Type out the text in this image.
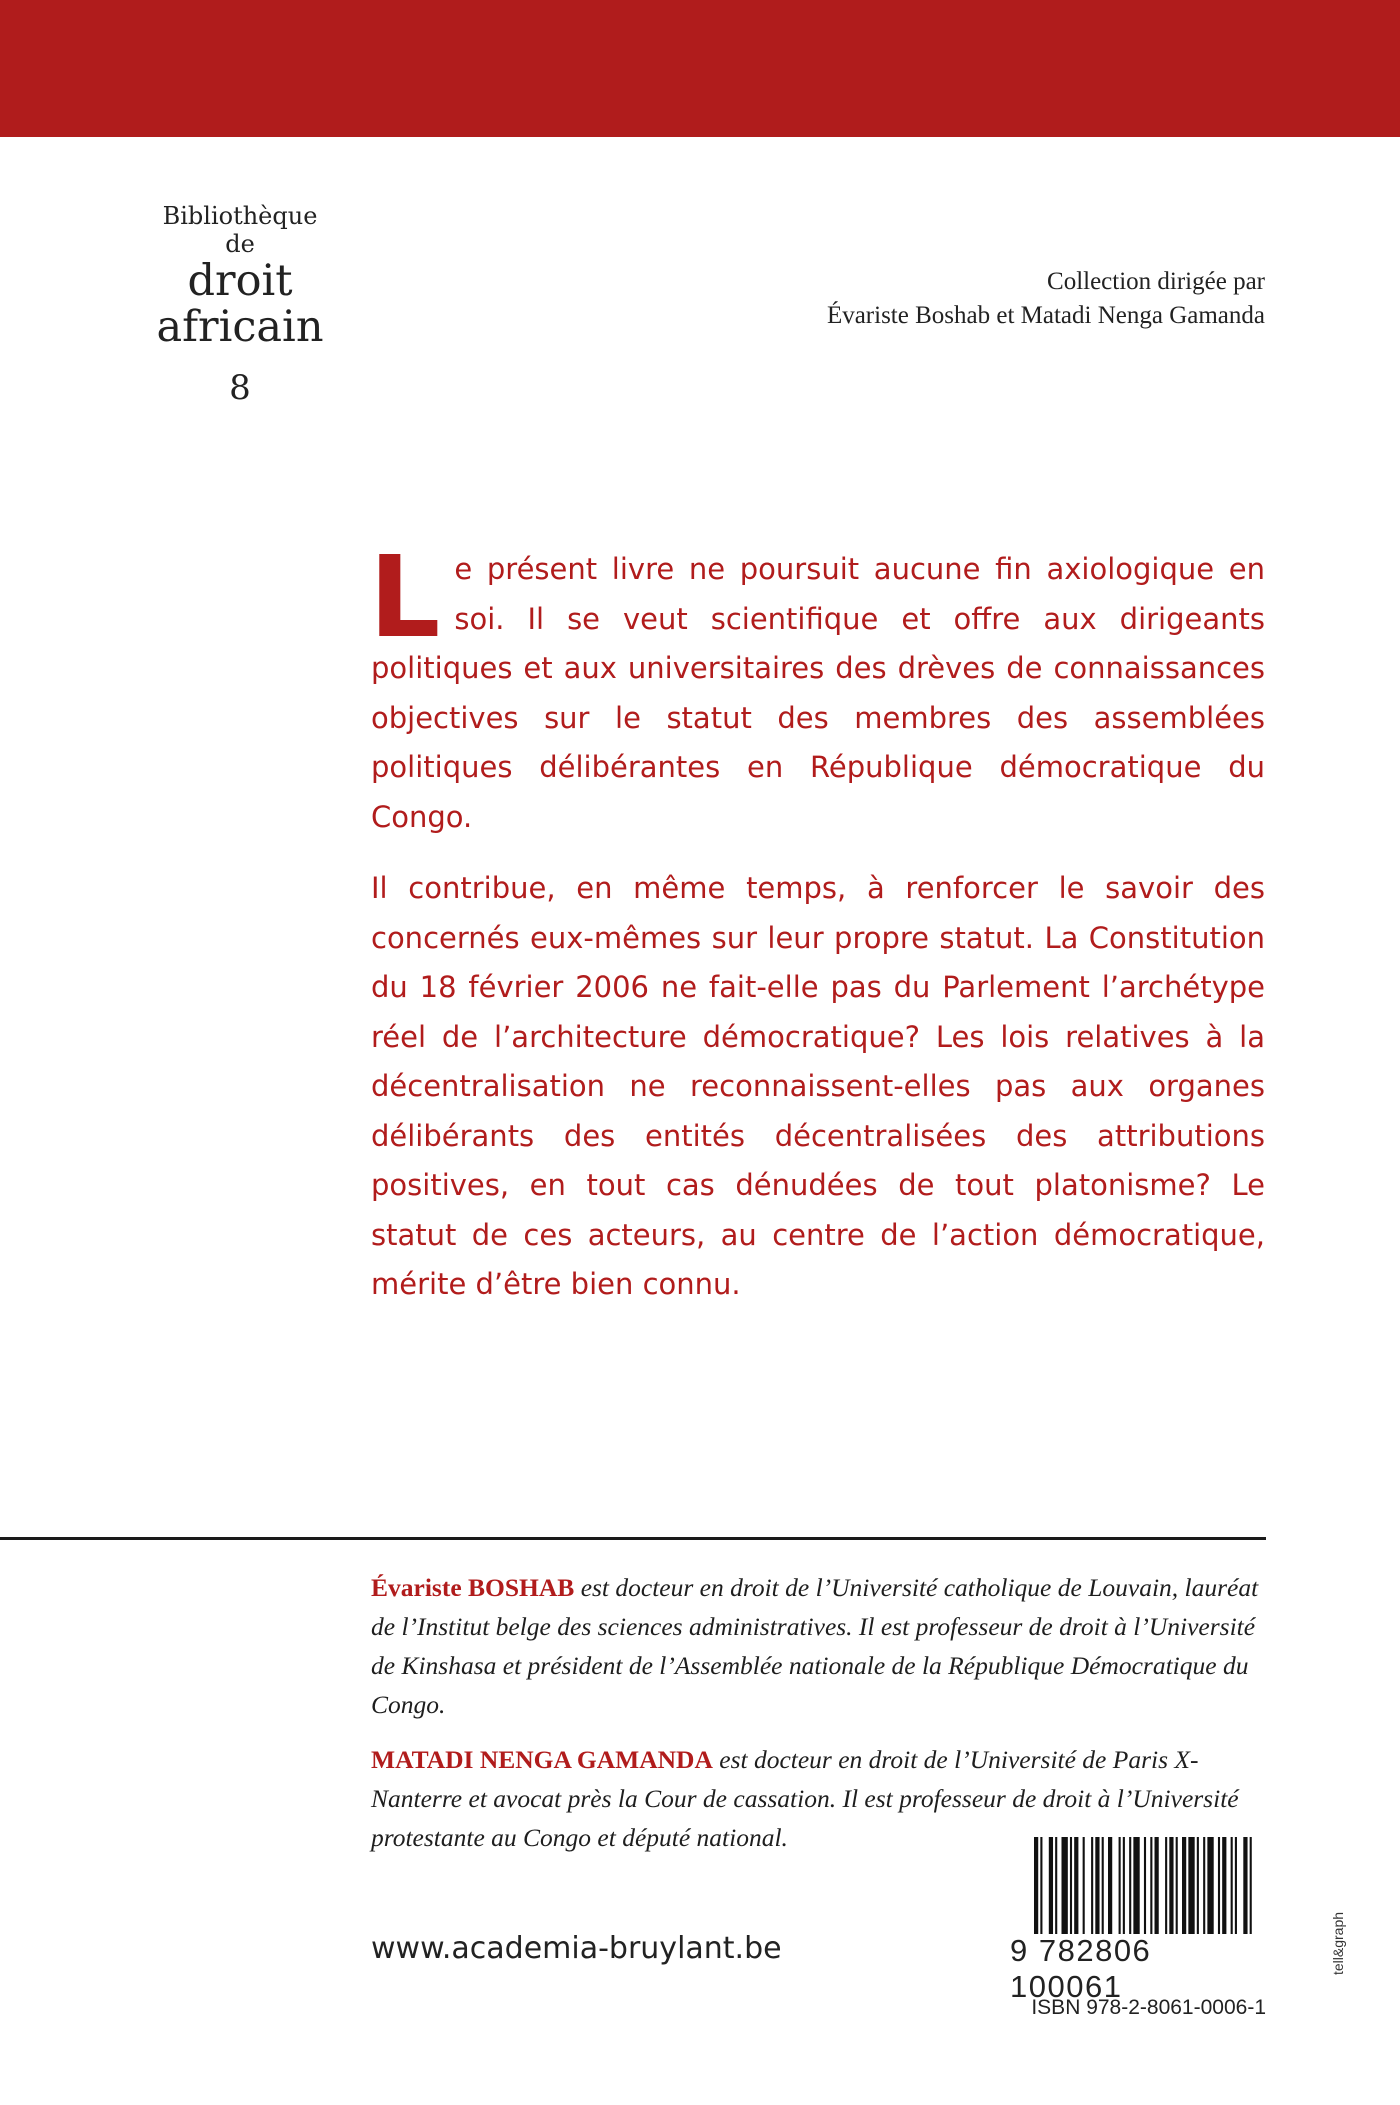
Bibliothèque de
droit
africain
8
Collection dirigée par
Évariste Boshab et Matadi Nenga Gamanda

Le présent livre ne poursuit aucune fin axiologique en soi. Il se veut scientifique et offre aux dirigeants politiques et aux universitaires des drèves de connaissances objectives sur le statut des membres des assemblées politiques délibérantes en République démocratique du Congo.

Il contribue, en même temps, à renforcer le savoir des concernés eux-mêmes sur leur propre statut. La Constitution du 18 février 2006 ne fait-elle pas du Parlement l’archétype réel de l’architecture démocratique? Les lois relatives à la décentralisation ne reconnaissent-elles pas aux organes délibérants des entités décentralisées des attributions positives, en tout cas dénudées de tout platonisme? Le statut de ces acteurs, au centre de l’action démocratique, mérite d’être bien connu.

Évariste BOSHAB est docteur en droit de l’Université catholique de Louvain, lauréat de l’Institut belge des sciences administratives. Il est professeur de droit à l’Université de Kinshasa et président de l’Assemblée nationale de la République Démocratique du Congo.

MATADI NENGA GAMANDA est docteur en droit de l’Université de Paris X-Nanterre et avocat près la Cour de cassation. Il est professeur de droit à l’Université protestante au Congo et député national.

www.academia-bruylant.be	9 782806 100061
ISBN 978-2-8061-0006-1
tell&graph
